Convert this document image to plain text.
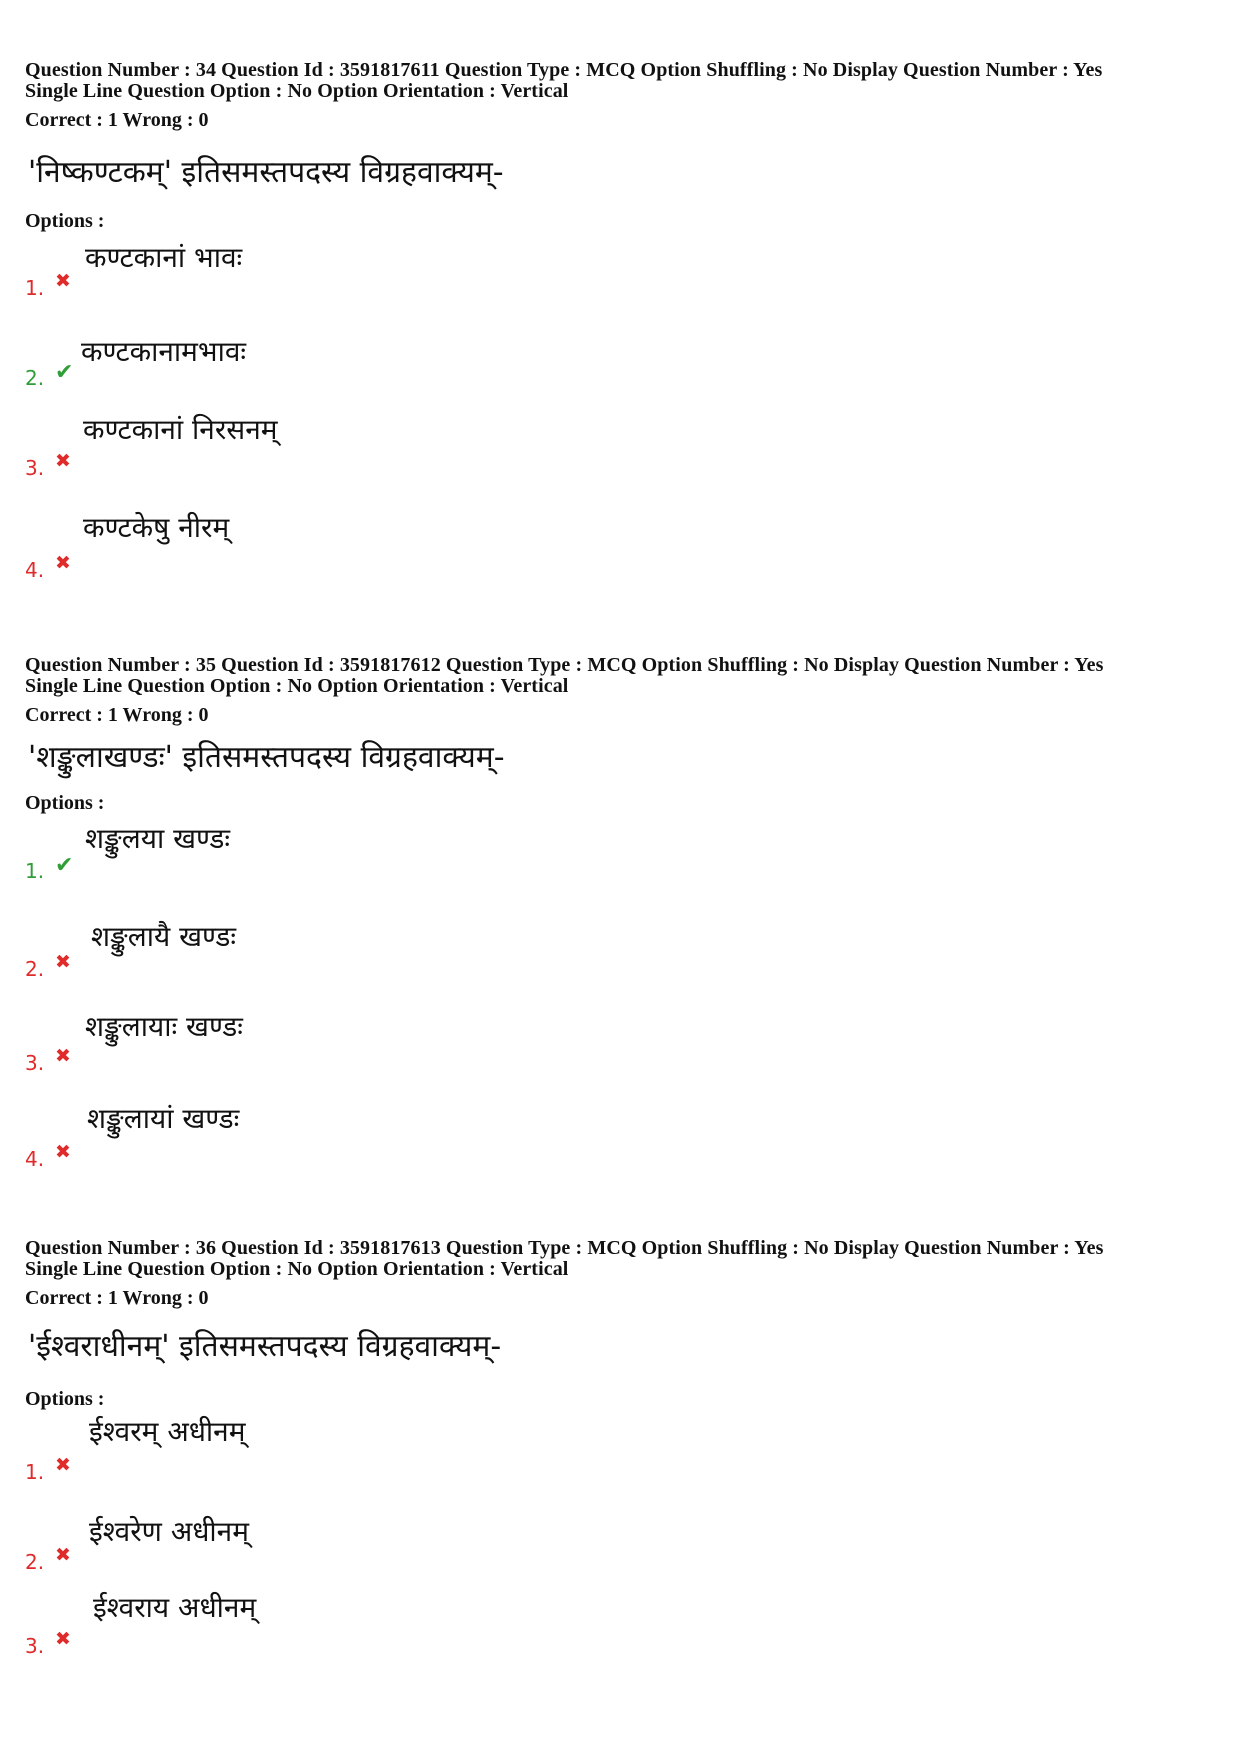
Question Number : 34 Question Id : 3591817611 Question Type : MCQ Option Shuffling : No Display Question Number : Yes
Single Line Question Option : No Option Orientation : Vertical
Correct : 1 Wrong : 0
'निष्कण्टकम्' इतिसमस्तपदस्य विग्रहवाक्यम्-
Options :
1. ✖
कण्टकानां भावः
2. ✔
कण्टकानामभावः
3. ✖
कण्टकानां निरसनम्
4. ✖
कण्टकेषु नीरम्
Question Number : 35 Question Id : 3591817612 Question Type : MCQ Option Shuffling : No Display Question Number : Yes
Single Line Question Option : No Option Orientation : Vertical
Correct : 1 Wrong : 0
'शङ्कुलाखण्डः' इतिसमस्तपदस्य विग्रहवाक्यम्-
Options :
1. ✔
शङ्कुलया खण्डः
2. ✖
शङ्कुलायै खण्डः
3. ✖
शङ्कुलायाः खण्डः
4. ✖
शङ्कुलायां खण्डः
Question Number : 36 Question Id : 3591817613 Question Type : MCQ Option Shuffling : No Display Question Number : Yes
Single Line Question Option : No Option Orientation : Vertical
Correct : 1 Wrong : 0
'ईश्वराधीनम्' इतिसमस्तपदस्य विग्रहवाक्यम्-
Options :
1. ✖
ईश्वरम् अधीनम्
2. ✖
ईश्वरेण अधीनम्
3. ✖
ईश्वराय अधीनम्
